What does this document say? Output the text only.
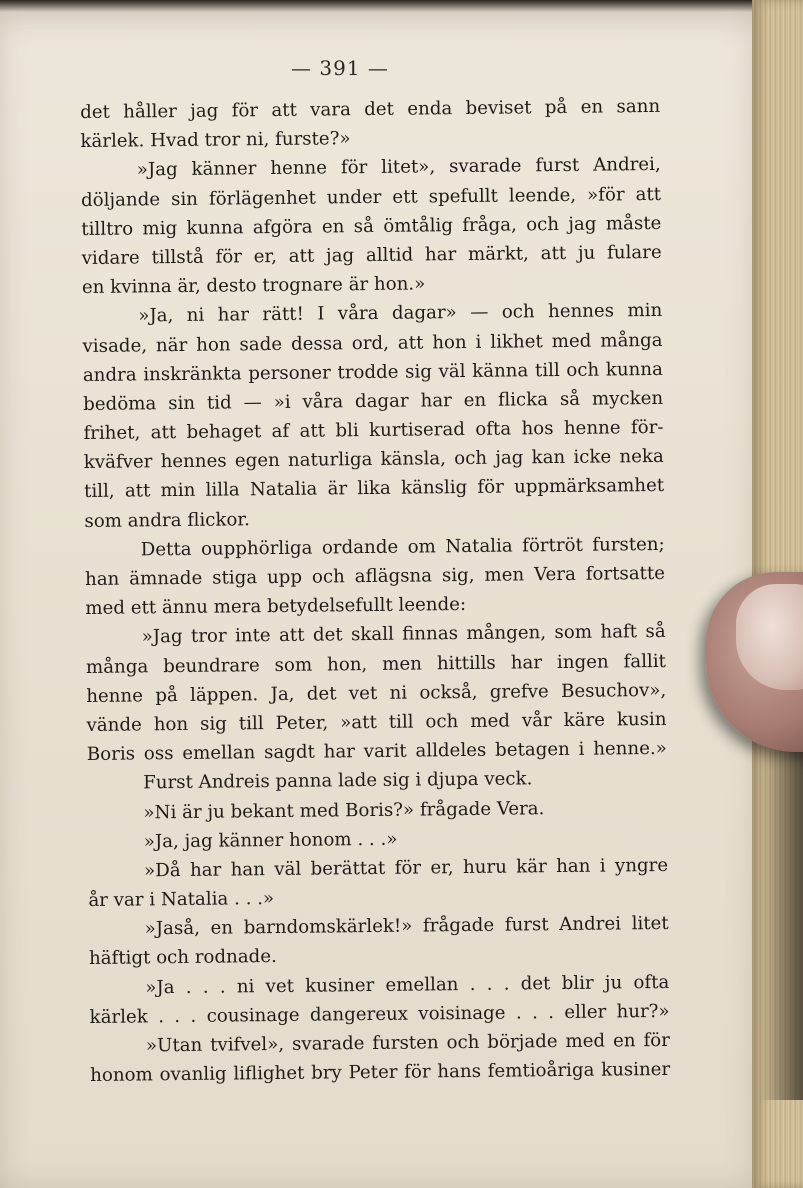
— 391 —
det håller jag för att vara det enda beviset på en sann
kärlek. Hvad tror ni, furste?»
»Jag känner henne för litet», svarade furst Andrei,
döljande sin förlägenhet under ett spefullt leende, »för att
tilltro mig kunna afgöra en så ömtålig fråga, och jag måste
vidare tillstå för er, att jag alltid har märkt, att ju fulare
en kvinna är, desto trognare är hon.»
»Ja, ni har rätt! I våra dagar» — och hennes min
visade, när hon sade dessa ord, att hon i likhet med många
andra inskränkta personer trodde sig väl känna till och kunna
bedöma sin tid — »i våra dagar har en flicka så mycken
frihet, att behaget af att bli kurtiserad ofta hos henne för-
kväfver hennes egen naturliga känsla, och jag kan icke neka
till, att min lilla Natalia är lika känslig för uppmärksamhet
som andra flickor.
Detta oupphörliga ordande om Natalia förtröt fursten;
han ämnade stiga upp och aflägsna sig, men Vera fortsatte
med ett ännu mera betydelsefullt leende:
»Jag tror inte att det skall finnas mången, som haft så
många beundrare som hon, men hittills har ingen fallit
henne på läppen. Ja, det vet ni också, grefve Besuchov»,
vände hon sig till Peter, »att till och med vår käre kusin
Boris oss emellan sagdt har varit alldeles betagen i henne.»
Furst Andreis panna lade sig i djupa veck.
»Ni är ju bekant med Boris?» frågade Vera.
»Ja, jag känner honom . . .»
»Då har han väl berättat för er, huru kär han i yngre
år var i Natalia . . .»
»Jaså, en barndomskärlek!» frågade furst Andrei litet
häftigt och rodnade.
»Ja . . . ni vet kusiner emellan . . . det blir ju ofta
kärlek . . . cousinage dangereux voisinage . . . eller hur?»
»Utan tvifvel», svarade fursten och började med en för
honom ovanlig liflighet bry Peter för hans femtioåriga kusiner
